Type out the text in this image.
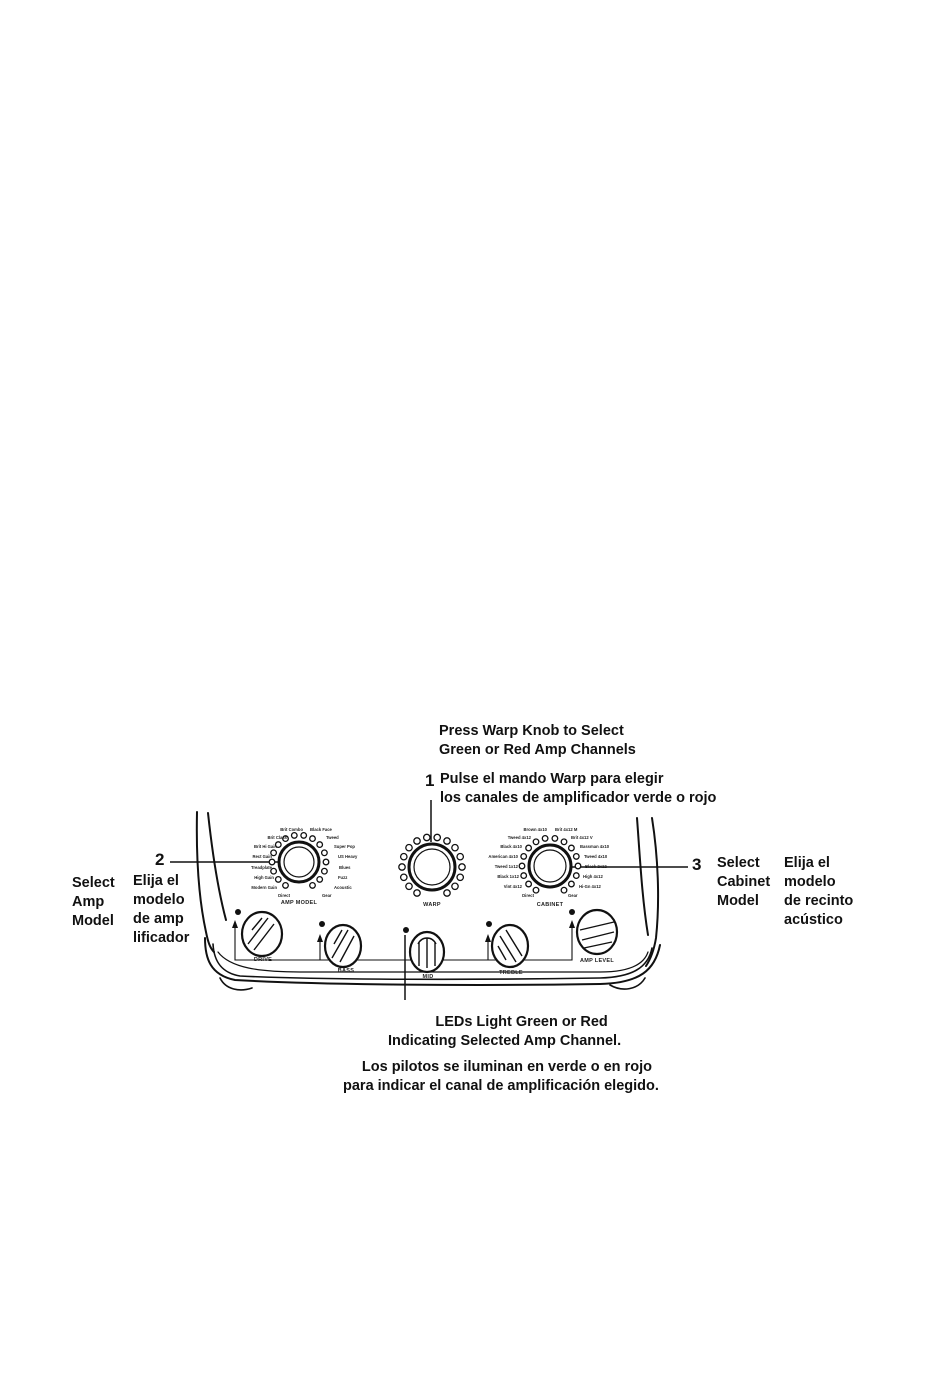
AMP MODEL	WARP	CABINET
DRIVE
BASS
MID
TREBLE
AMP LEVEL
Brit Combo
Brit Class
Brit Hi Gain
Rect Gain
Treadplate
High Gain
Modern Gain
Direct
Black Face
Tweed
Super Pop
US Heavy
Blues
Fuzz
Acoustic
Gear
Brown 4x10
Tweed 4x12
Black 4x10
American 4x10
Tweed 1x12
Black 1x12
Vint 4x12
Direct
Brit 4x12 M
Brit 4x12 V
Bassman 4x10
Tweed 4x10
Black 2x12
High 4x12
Hi-Gn 4x12
Gear
Press Warp Knob to Select
Green or Red Amp Channels
1 Pulse el mando Warp para elegir
los canales de amplificador verde o rojo
2
Select
Amp
Model
Elija el
modelo
de amp
lificador
3 Select
Cabinet
Model
Elija el
modelo
de recinto
acústico
LEDs Light Green or Red
Indicating Selected Amp Channel.
Los pilotos se iluminan en verde o en rojo
para indicar el canal de amplificación elegido.
